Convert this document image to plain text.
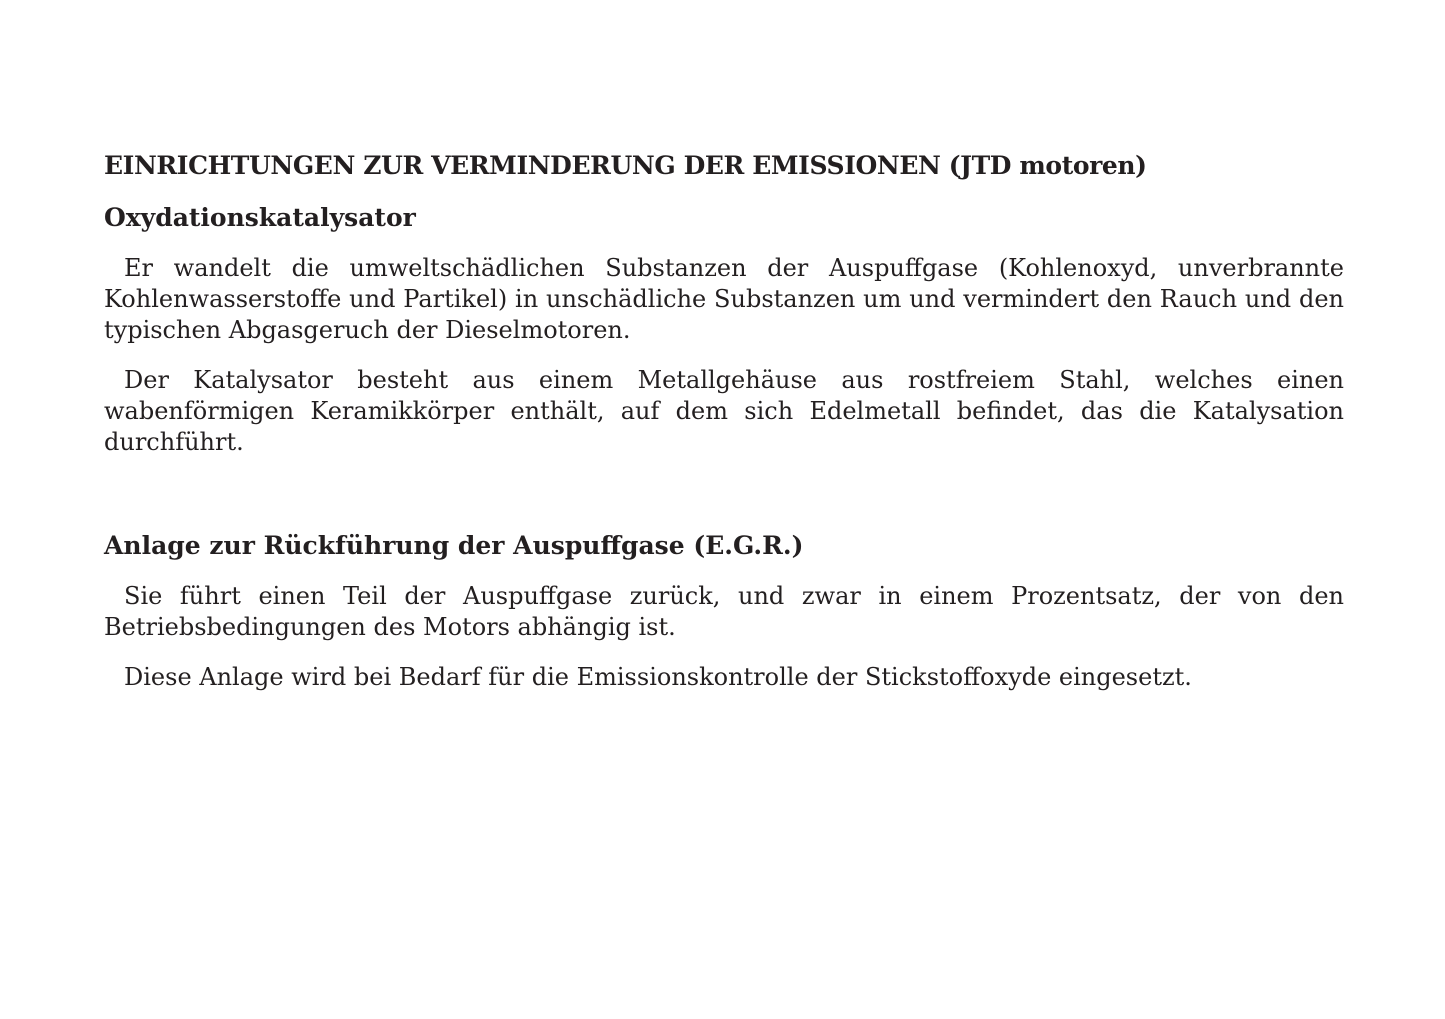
EINRICHTUNGEN ZUR VERMINDERUNG DER EMISSIONEN (JTD motoren)
Oxydationskatalysator

Er wandelt die umweltschädlichen Substanzen der Auspuffgase (Kohlenoxyd, unverbrannte Kohlenwasserstoffe und Partikel) in unschädliche Substanzen um und vermindert den Rauch und den typischen Abgasgeruch der Dieselmotoren.

Der Katalysator besteht aus einem Metallgehäuse aus rostfreiem Stahl, welches einen wabenförmigen Keramikkörper enthält, auf dem sich Edelmetall befindet, das die Katalysation durchführt.

Anlage zur Rückführung der Auspuffgase (E.G.R.)

Sie führt einen Teil der Auspuffgase zurück, und zwar in einem Prozentsatz, der von den Betriebsbedingungen des Motors abhängig ist.

Diese Anlage wird bei Bedarf für die Emissionskontrolle der Stickstoffoxyde eingesetzt.
